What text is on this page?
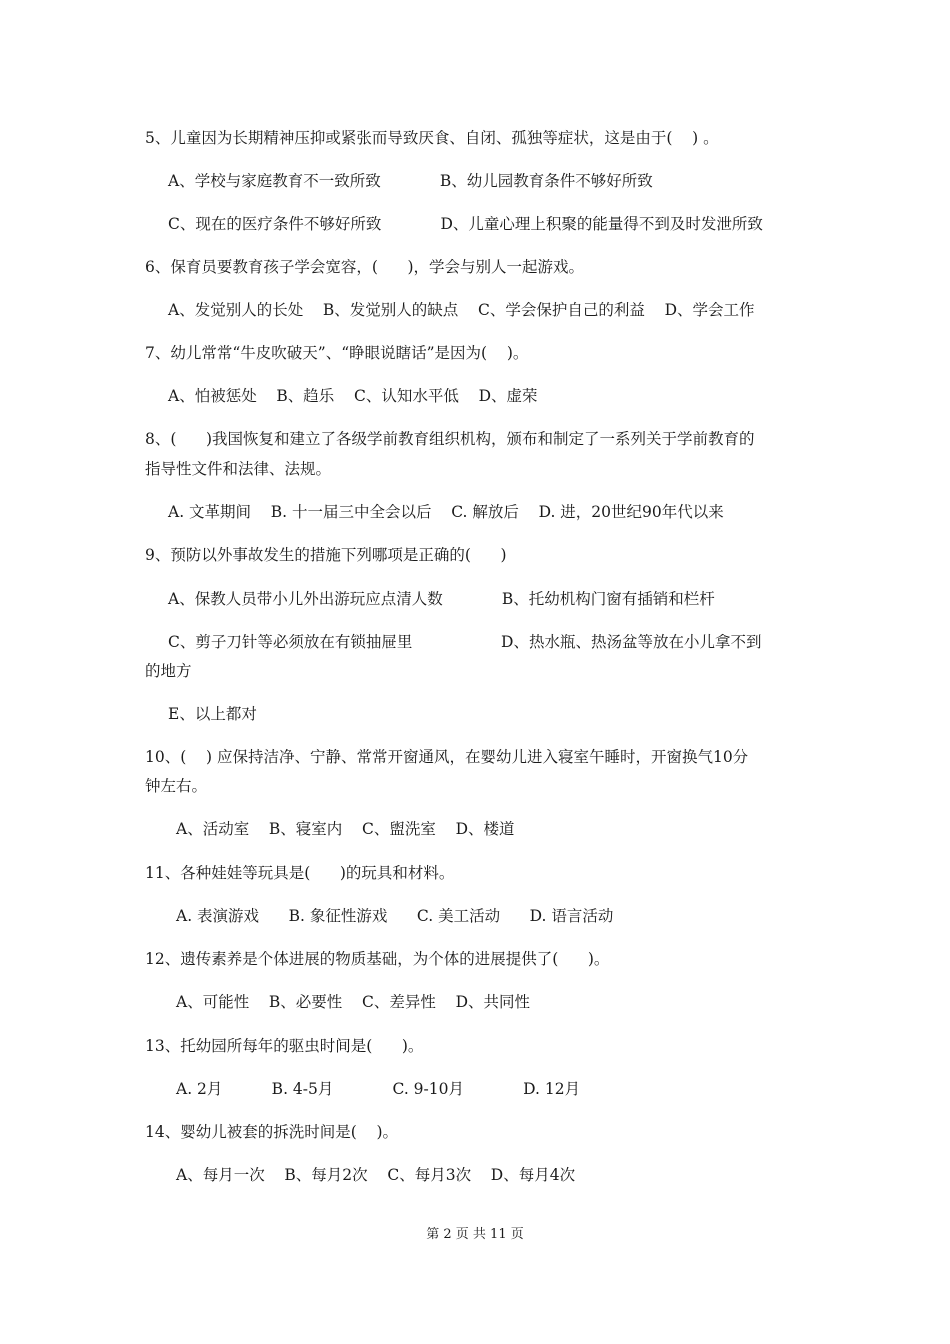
5、儿童因为长期精神压抑或紧张而导致厌食、自闭、孤独等症状，这是由于(    ) 。
A、学校与家庭教育不一致所致            B、幼儿园教育条件不够好所致
C、现在的医疗条件不够好所致            D、儿童心理上积聚的能量得不到及时发泄所致
6、保育员要教育孩子学会宽容，(      )，学会与别人一起游戏。
A、发觉别人的长处    B、发觉别人的缺点    C、学会保护自己的利益    D、学会工作
7、幼儿常常“牛皮吹破天”、“睁眼说瞎话”是因为(    )。
A、怕被惩处    B、趋乐    C、认知水平低    D、虚荣
8、(      )我国恢复和建立了各级学前教育组织机构，颁布和制定了一系列关于学前教育的
指导性文件和法律、法规。
A. 文革期间    B. 十一届三中全会以后    C. 解放后    D. 进，20世纪90年代以来
9、预防以外事故发生的措施下列哪项是正确的(      )
A、保教人员带小儿外出游玩应点清人数            B、托幼机构门窗有插销和栏杆
C、剪子刀针等必须放在有锁抽屉里                  D、热水瓶、热汤盆等放在小儿拿不到
的地方
E、以上都对
10、(    ) 应保持洁净、宁静、常常开窗通风，在婴幼儿进入寝室午睡时，开窗换气10分
钟左右。
A、活动室    B、寝室内    C、盥洗室    D、楼道
11、各种娃娃等玩具是(      )的玩具和材料。
A. 表演游戏      B. 象征性游戏      C. 美工活动      D. 语言活动
12、遗传素养是个体进展的物质基础，为个体的进展提供了(      )。
A、可能性    B、必要性    C、差异性    D、共同性
13、托幼园所每年的驱虫时间是(      )。
A. 2月          B. 4-5月            C. 9-10月            D. 12月
14、婴幼儿被套的拆洗时间是(    )。
A、每月一次    B、每月2次    C、每月3次    D、每月4次
第 2 页 共 11 页
